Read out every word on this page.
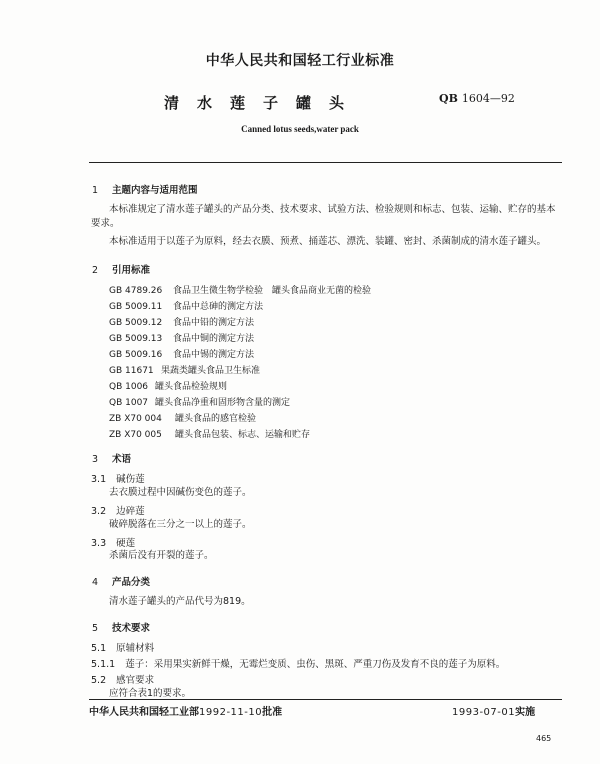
中华人民共和国轻工行业标准
清水莲子罐头	QB 1604—92
Canned lotus seeds,water pack
1 主题内容与适用范围
本标准规定了清水莲子罐头的产品分类、技术要求、试验方法、检验规则和标志、包装、运输、贮存的基本要求。
本标准适用于以莲子为原料，经去衣膜、预煮、捅莲芯、漂洗、装罐、密封、杀菌制成的清水莲子罐头。
2 引用标准
GB 4789.26 食品卫生微生物学检验　罐头食品商业无菌的检验
GB 5009.11 食品中总砷的测定方法
GB 5009.12 食品中铅的测定方法
GB 5009.13 食品中铜的测定方法
GB 5009.16 食品中锡的测定方法
GB 11671 果蔬类罐头食品卫生标准
QB 1006 罐头食品检验规则
QB 1007 罐头食品净重和固形物含量的测定
ZB X70 004 罐头食品的感官检验
ZB X70 005 罐头食品包装、标志、运输和贮存
3 术语
3.1 碱伤莲
去衣膜过程中因碱伤变色的莲子。
3.2 边碎莲
破碎脱落在三分之一以上的莲子。
3.3 硬莲
杀菌后没有开裂的莲子。
4 产品分类
清水莲子罐头的产品代号为819。
5 技术要求
5.1 原辅材料
5.1.1 莲子：采用果实新鲜干燥，无霉烂变质、虫伤、黑斑、严重刀伤及发育不良的莲子为原料。
5.2 感官要求
应符合表1的要求。
中华人民共和国轻工业部1992-11-10批准	1993-07-01实施
465
